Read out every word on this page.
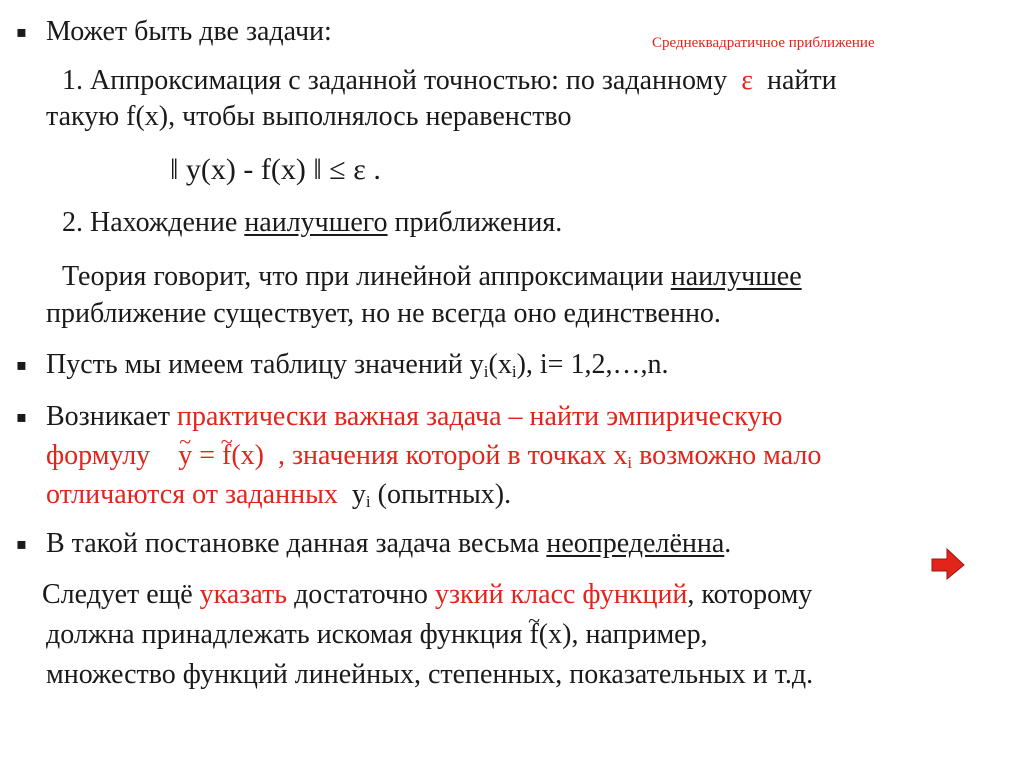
Среднеквадратичное приближение
▪ Может быть две задачи:
1. Аппроксимация с заданной точностью: по заданному ε найти
такую f(x), чтобы выполнялось неравенство
‖ y(x) - f(x) ‖ ≤ ε .
2. Нахождение наилучшего приближения.
Теория говорит, что при линейной аппроксимации наилучшее
приближение существует, но не всегда оно единственно.
▪ Пусть мы имеем таблицу значений $y_i(x_i)$, i= 1,2,…,n.
▪ Возникает практически важная задача – найти эмпирическую
формулу    ~ y = ~ f(x) , значения которой в точках $x_i$ возможно мало
отличаются от заданных $y_i$ (опытных).
▪ В такой постановке данная задача весьма неопределённа.
Следует ещё указать достаточно узкий класс функций, которому
должна принадлежать искомая функция ~ f(x), например,
множество функций линейных, степенных, показательных и т.д.
